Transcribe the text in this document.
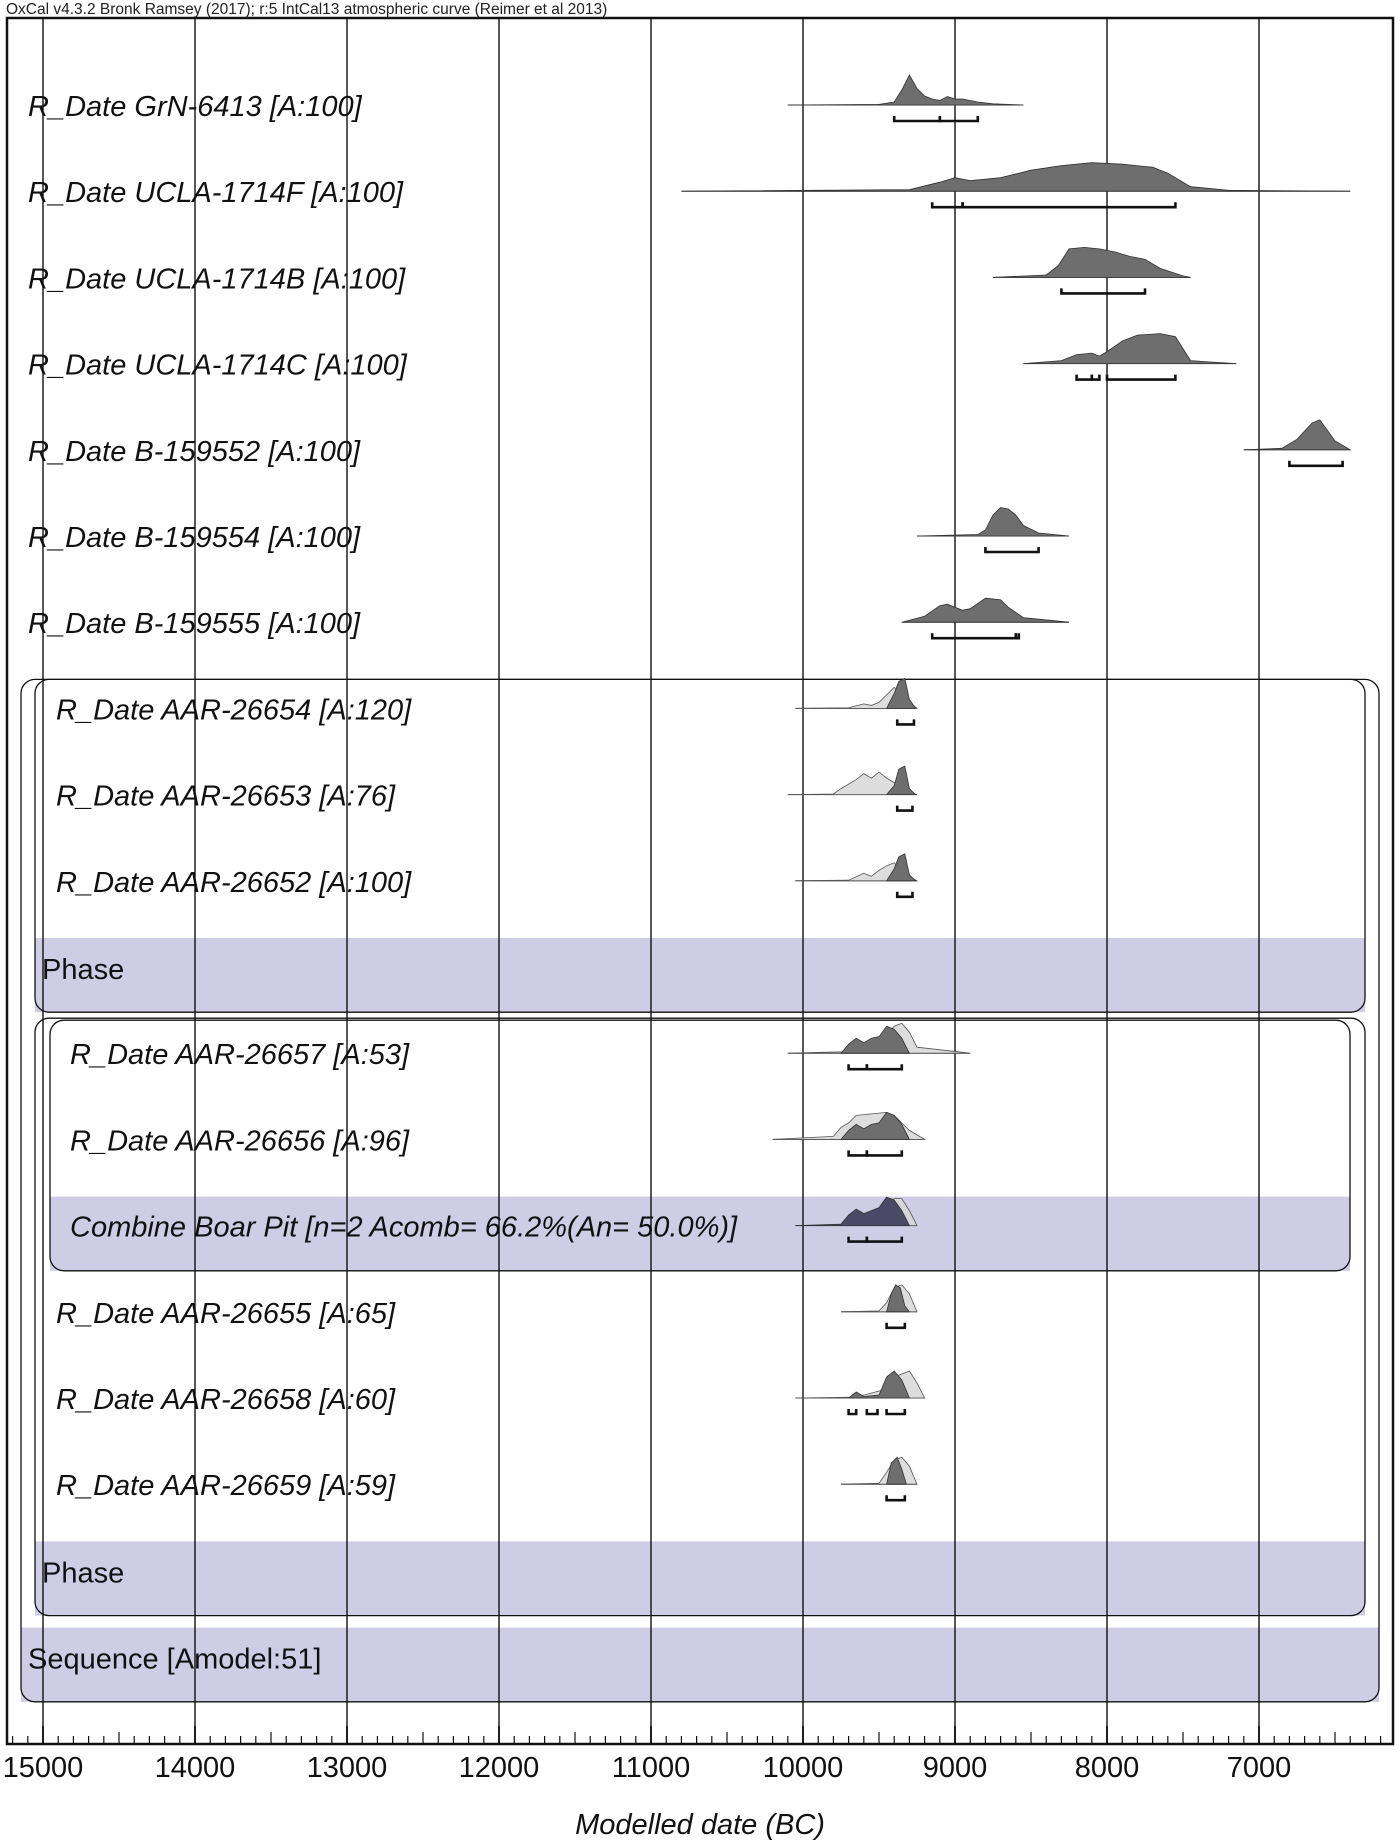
OxCal v4.3.2 Bronk Ramsey (2017); r:5 IntCal13 atmospheric curve (Reimer et al 2013)
R_Date GrN-6413 [A:100]
R_Date UCLA-1714F [A:100]
R_Date UCLA-1714B [A:100]
R_Date UCLA-1714C [A:100]
R_Date B-159552 [A:100]
R_Date B-159554 [A:100]
R_Date B-159555 [A:100]
R_Date AAR-26654 [A:120]
R_Date AAR-26653 [A:76]
R_Date AAR-26652 [A:100]
Phase
R_Date AAR-26657 [A:53]
R_Date AAR-26656 [A:96]
Combine Boar Pit [n=2 Acomb= 66.2%(An= 50.0%)]
R_Date AAR-26655 [A:65]
R_Date AAR-26658 [A:60]
R_Date AAR-26659 [A:59]
Phase
Sequence [Amodel:51]
15000 14000 13000 12000 11000 10000	9000	8000	7000
Modelled date (BC)
